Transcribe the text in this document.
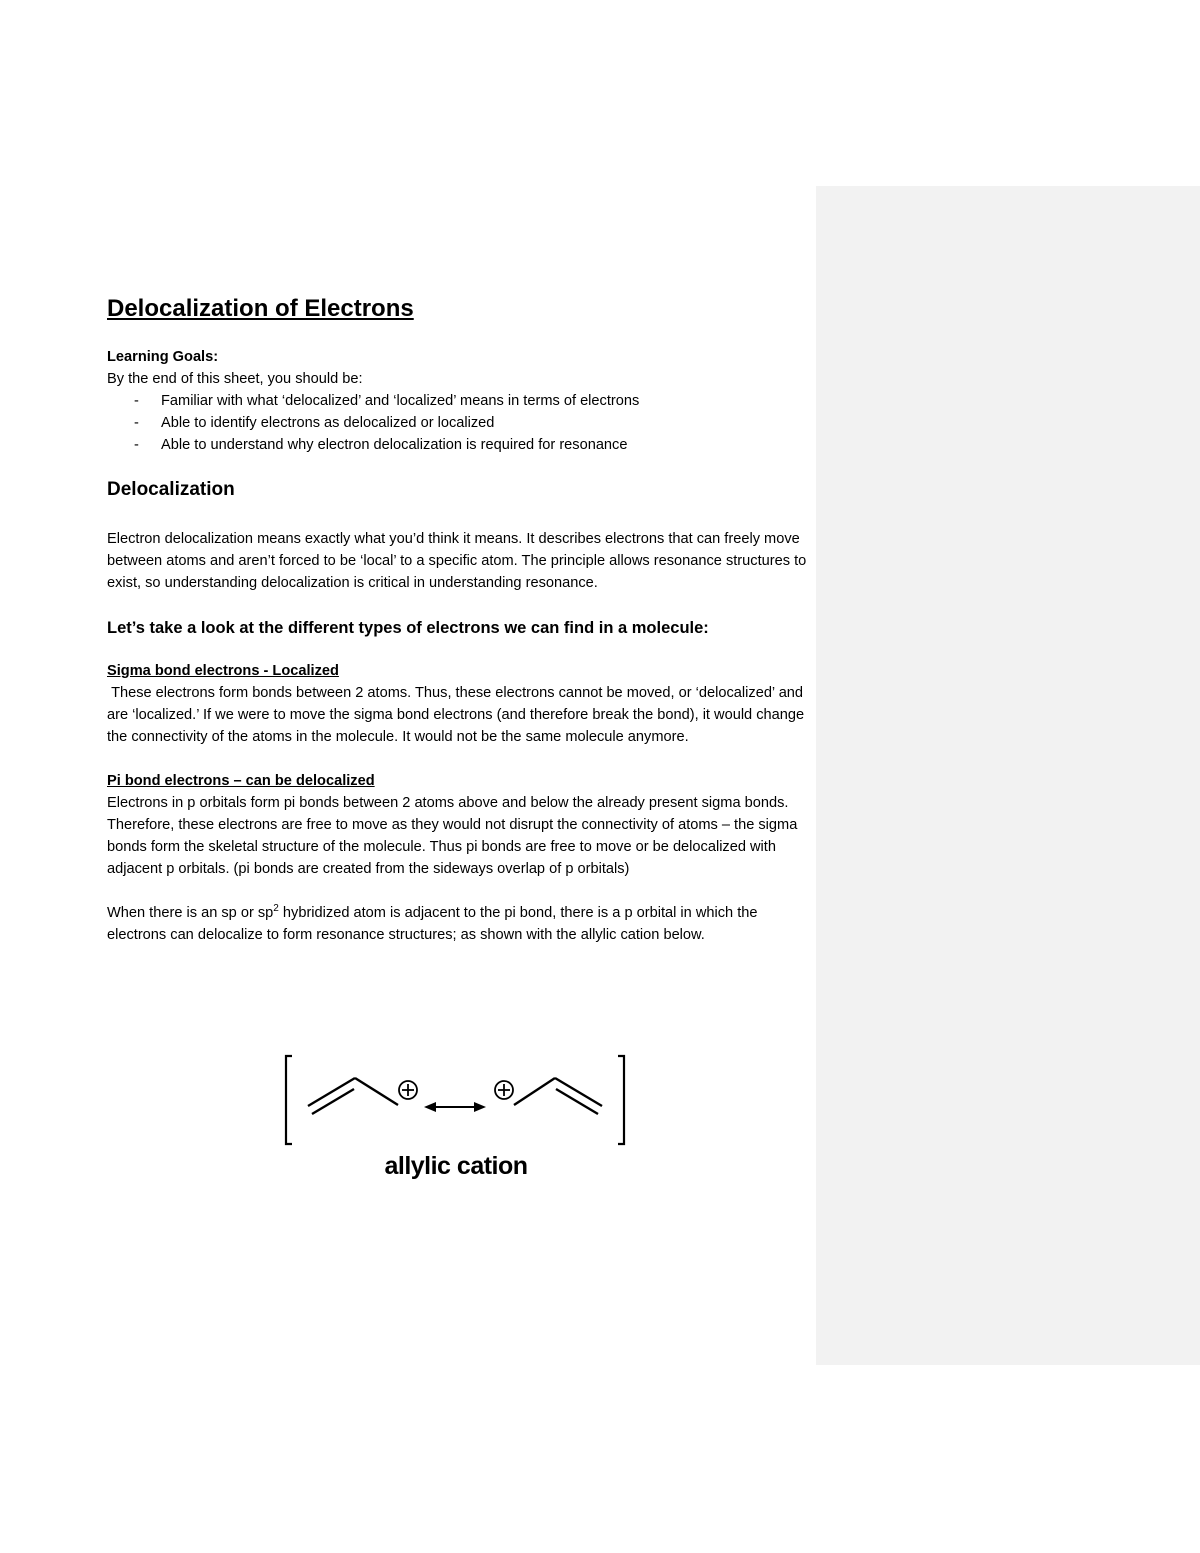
Delocalization of Electrons

Learning Goals:

By the end of this sheet, you should be:

- Familiar with what ‘delocalized’ and ‘localized’ means in terms of electrons
- Able to identify electrons as delocalized or localized
- Able to understand why electron delocalization is required for resonance
Delocalization

Electron delocalization means exactly what you’d think it means. It describes electrons that can freely move between atoms and aren’t forced to be ‘local’ to a specific atom. The principle allows resonance structures to exist, so understanding delocalization is critical in understanding resonance.

Let’s take a look at the different types of electrons we can find in a molecule:
Sigma bond electrons - Localized

These electrons form bonds between 2 atoms. Thus, these electrons cannot be moved, or ‘delocalized’ and are ‘localized.’ If we were to move the sigma bond electrons (and therefore break the bond), it would change the connectivity of the atoms in the molecule. It would not be the same molecule anymore.

Pi bond electrons – can be delocalized

Electrons in p orbitals form pi bonds between 2 atoms above and below the already present sigma bonds. Therefore, these electrons are free to move as they would not disrupt the connectivity of atoms – the sigma bonds form the skeletal structure of the molecule. Thus pi bonds are free to move or be delocalized with adjacent p orbitals. (pi bonds are created from the sideways overlap of p orbitals)

When there is an sp or $sp^2$ hybridized atom is adjacent to the pi bond, there is a p orbital in which the electrons can delocalize to form resonance structures; as shown with the allylic cation below.

allylic cation
